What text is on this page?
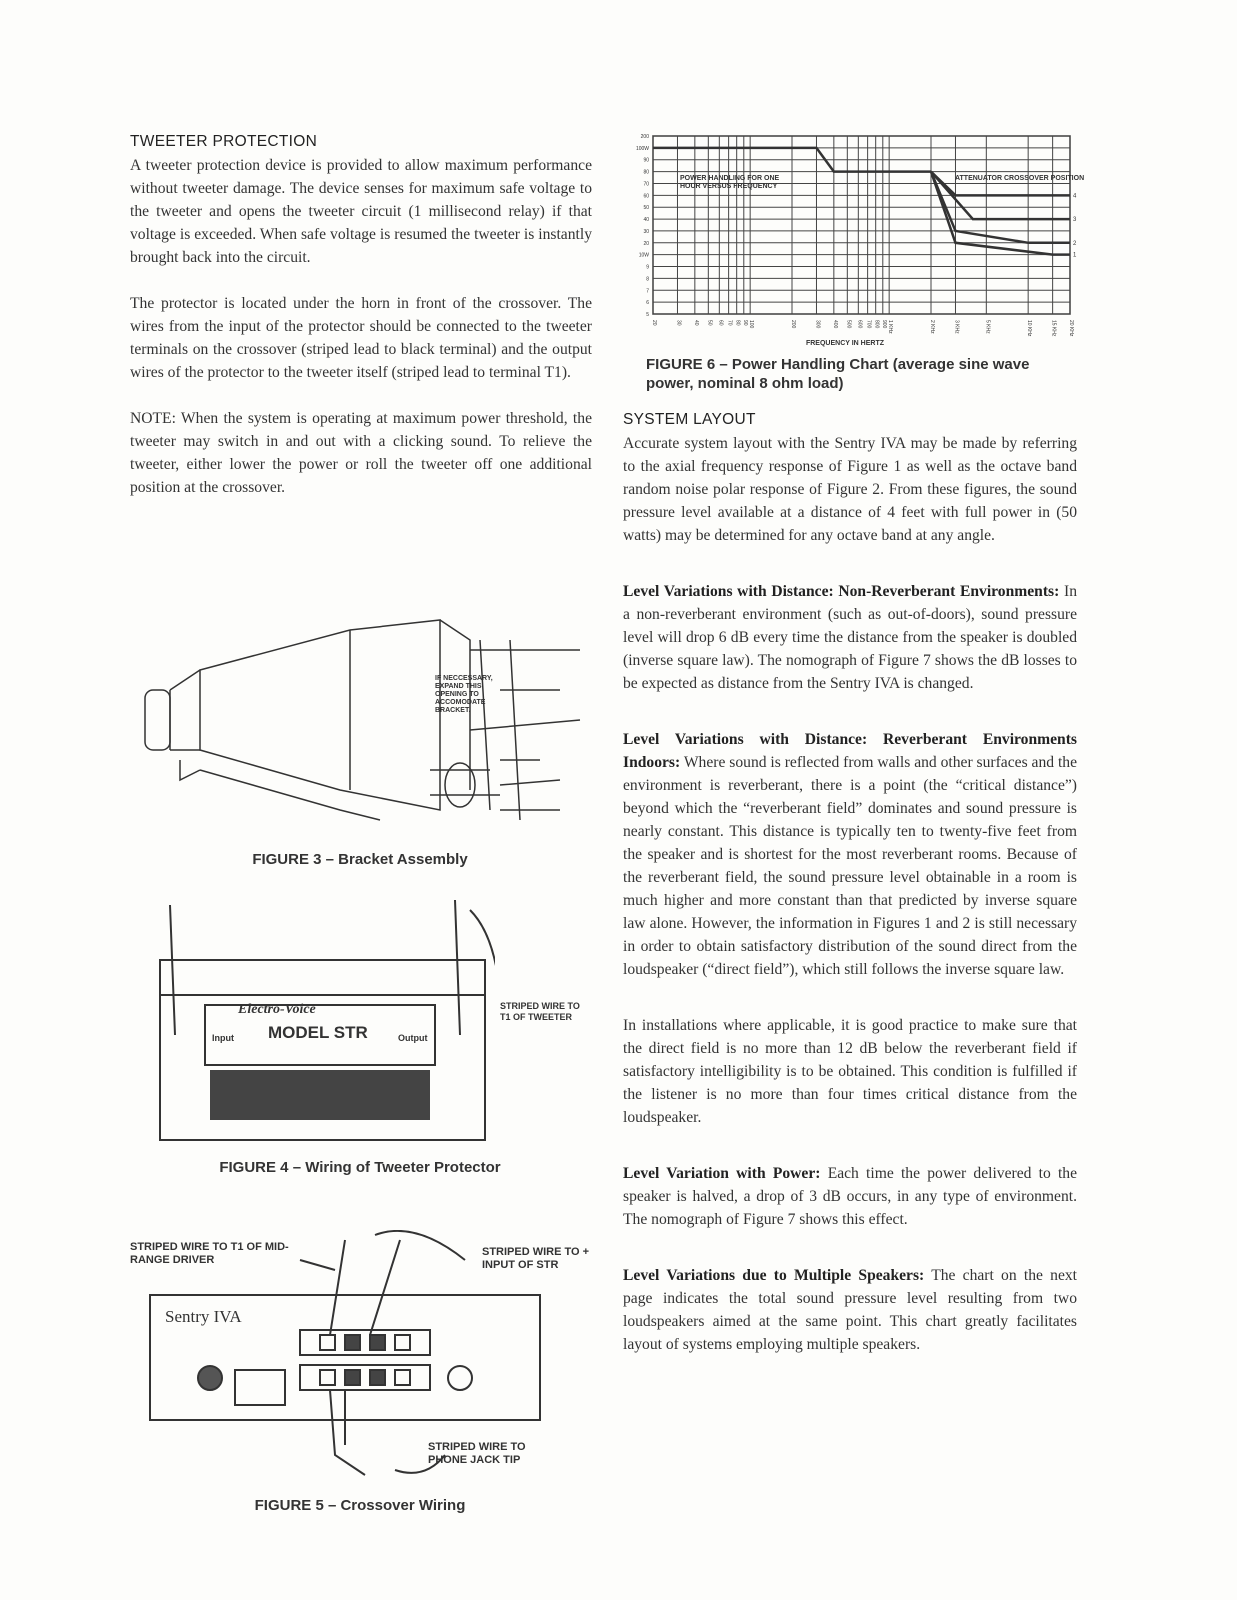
TWEETER PROTECTION

A tweeter protection device is provided to allow maximum performance without tweeter damage. The device senses for maximum safe voltage to the tweeter and opens the tweeter circuit (1 millisecond relay) if that voltage is exceeded. When safe voltage is resumed the tweeter is instantly brought back into the circuit.

The protector is located under the horn in front of the crossover. The wires from the input of the protector should be connected to the tweeter terminals on the crossover (striped lead to black terminal) and the output wires of the protector to the tweeter itself (striped lead to terminal T1).

NOTE: When the system is operating at maximum power threshold, the tweeter may switch in and out with a clicking sound. To relieve the tweeter, either lower the power or roll the tweeter off one additional position at the crossover.

IF NECCESSARY, EXPAND THIS OPENING TO ACCOMODATE BRACKET.
FIGURE 3 – Bracket Assembly
Electro-Voice
Input MODEL STR	Output
STRIPED WIRE TO T1 OF TWEETER
FIGURE 4 – Wiring of Tweeter Protector
Sentry IVA
STRIPED WIRE TO T1 OF MID-RANGE DRIVER
STRIPED WIRE TO + INPUT OF STR
STRIPED WIRE TO PHONE JACK TIP
FIGURE 5 – Crossover Wiring
200
100W
90
80
70
60
50
40
30
20
10W
9
8
7
6
5
20	30 40 50 60 70 80 90 100	200	300 400 500 600 700 800 900 1 KHz	2 KHz	3 KHz	5 KHz	10 KHz	15 KHz 20 KHz
4
3
2
1
POWER HANDLING FOR ONE HOUR VERSUS FREQUENCY
ATTENUATOR CROSSOVER POSITION
FREQUENCY IN HERTZ
FIGURE 6 – Power Handling Chart (average sine wave power, nominal 8 ohm load)
SYSTEM LAYOUT

Accurate system layout with the Sentry IVA may be made by referring to the axial frequency response of Figure 1 as well as the octave band random noise polar response of Figure 2. From these figures, the sound pressure level available at a distance of 4 feet with full power in (50 watts) may be determined for any octave band at any angle.

Level Variations with Distance: Non-Reverberant Environments: In a non-reverberant environment (such as out-of-doors), sound pressure level will drop 6 dB every time the distance from the speaker is doubled (inverse square law). The nomograph of Figure 7 shows the dB losses to be expected as distance from the Sentry IVA is changed.

Level Variations with Distance: Reverberant Environments Indoors: Where sound is reflected from walls and other surfaces and the environment is reverberant, there is a point (the “critical distance”) beyond which the “reverberant field” dominates and sound pressure is nearly constant. This distance is typically ten to twenty-five feet from the speaker and is shortest for the most reverberant rooms. Because of the reverberant field, the sound pressure level obtainable in a room is much higher and more constant than that predicted by inverse square law alone. However, the information in Figures 1 and 2 is still necessary in order to obtain satisfactory distribution of the sound direct from the loudspeaker (“direct field”), which still follows the inverse square law.

In installations where applicable, it is good practice to make sure that the direct field is no more than 12 dB below the reverberant field if satisfactory intelligibility is to be obtained. This condition is fulfilled if the listener is no more than four times critical distance from the loudspeaker.

Level Variation with Power: Each time the power delivered to the speaker is halved, a drop of 3 dB occurs, in any type of environment. The nomograph of Figure 7 shows this effect.

Level Variations due to Multiple Speakers: The chart on the next page indicates the total sound pressure level resulting from two loudspeakers aimed at the same point. This chart greatly facilitates layout of systems employing multiple speakers.
